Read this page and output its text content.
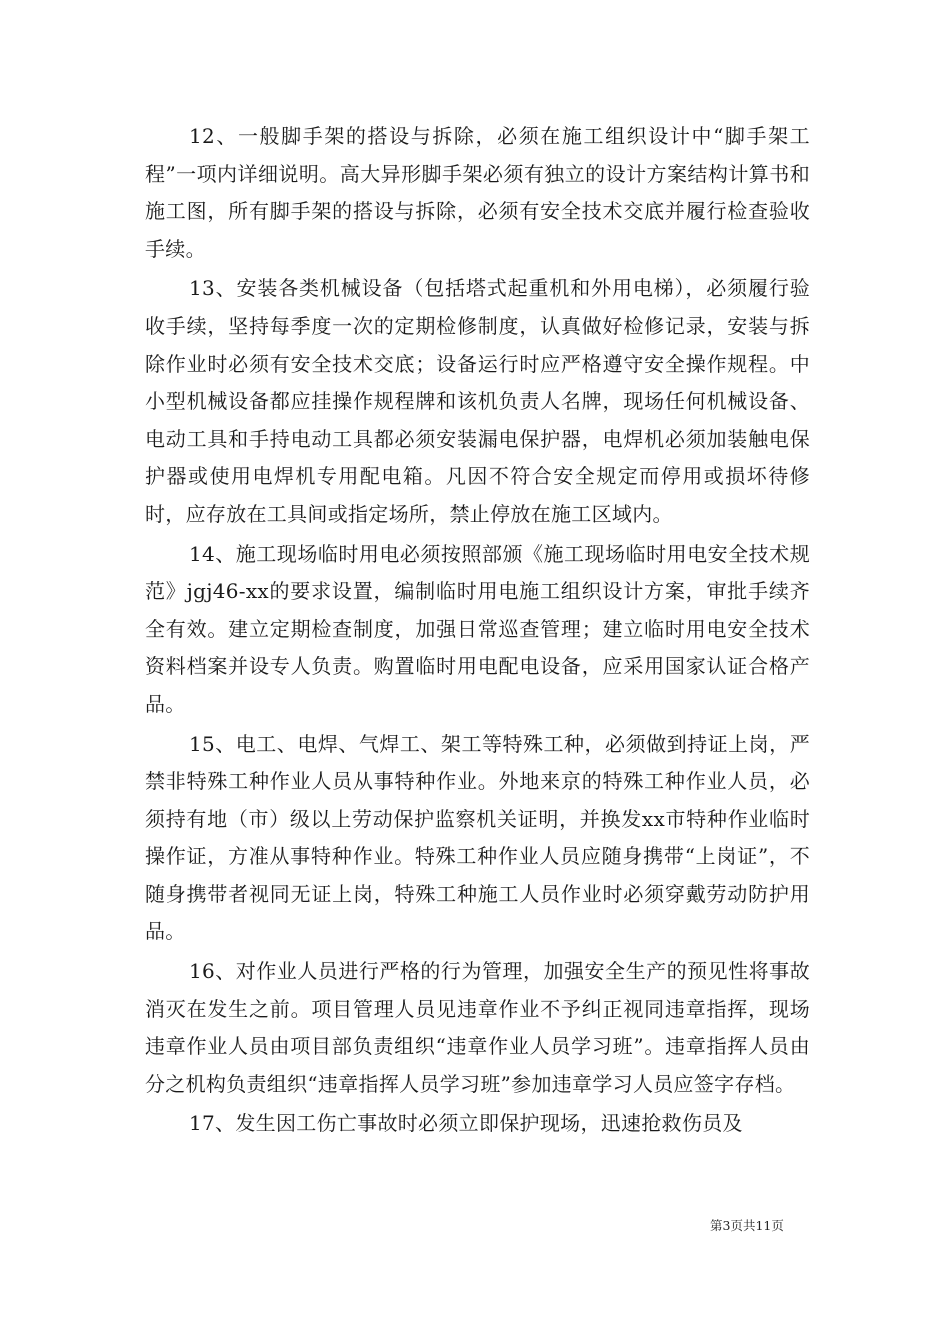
12、一般脚手架的搭设与拆除，必须在施工组织设计中“脚手架工程”一项内详细说明。高大异形脚手架必须有独立的设计方案结构计算书和施工图，所有脚手架的搭设与拆除，必须有安全技术交底并履行检查验收手续。

13、安装各类机械设备（包括塔式起重机和外用电梯），必须履行验收手续，坚持每季度一次的定期检修制度，认真做好检修记录，安装与拆除作业时必须有安全技术交底；设备运行时应严格遵守安全操作规程。中小型机械设备都应挂操作规程牌和该机负责人名牌，现场任何机械设备、电动工具和手持电动工具都必须安装漏电保护器，电焊机必须加装触电保护器或使用电焊机专用配电箱。凡因不符合安全规定而停用或损坏待修时，应存放在工具间或指定场所，禁止停放在施工区域内。

14、施工现场临时用电必须按照部颁《施工现场临时用电安全技术规范》jgj46-xx的要求设置，编制临时用电施工组织设计方案，审批手续齐全有效。建立定期检查制度，加强日常巡查管理；建立临时用电安全技术资料档案并设专人负责。购置临时用电配电设备，应采用国家认证合格产品。

15、电工、电焊、气焊工、架工等特殊工种，必须做到持证上岗，严禁非特殊工种作业人员从事特种作业。外地来京的特殊工种作业人员，必须持有地（市）级以上劳动保护监察机关证明，并换发xx市特种作业临时操作证，方准从事特种作业。特殊工种作业人员应随身携带“上岗证”，不随身携带者视同无证上岗，特殊工种施工人员作业时必须穿戴劳动防护用品。

16、对作业人员进行严格的行为管理，加强安全生产的预见性将事故消灭在发生之前。项目管理人员见违章作业不予纠正视同违章指挥，现场违章作业人员由项目部负责组织“违章作业人员学习班”。违章指挥人员由分之机构负责组织“违章指挥人员学习班”参加违章学习人员应签字存档。

17、发生因工伤亡事故时必须立即保护现场，迅速抢救伤员及

第3页共11页
